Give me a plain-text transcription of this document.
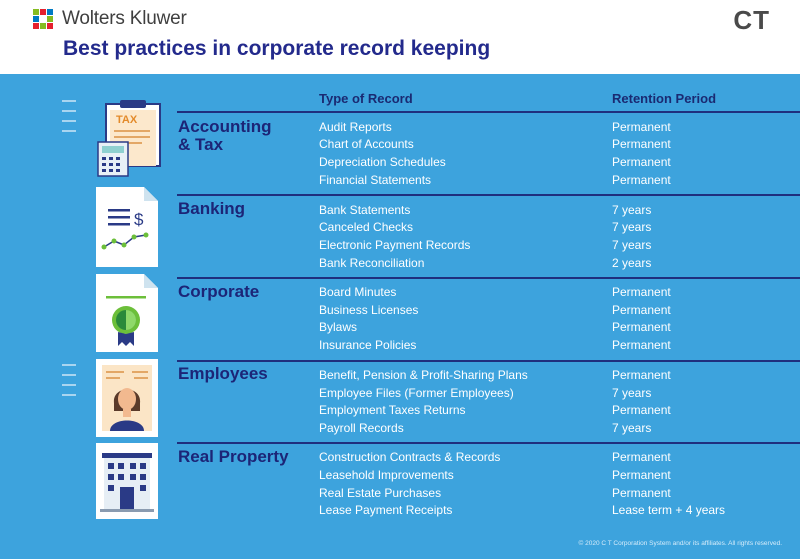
Wolters Kluwer	CT
Best practices in corporate record keeping
Type of Record	Retention Period
Accounting
& Tax
Audit Reports	Permanent
Chart of Accounts	Permanent
Depreciation Schedules	Permanent
Financial Statements	Permanent
Banking	Bank Statements	7 years
Canceled Checks	7 years
Electronic Payment Records	7 years
Bank Reconciliation	2 years
Corporate	Board Minutes	Permanent
Business Licenses	Permanent
Bylaws	Permanent
Insurance Policies	Permanent
Employees	Benefit, Pension & Profit-Sharing Plans	Permanent
Employee Files (Former Employees)	7 years
Employment Taxes Returns	Permanent
Payroll Records	7 years
Real Property	Construction Contracts & Records	Permanent
Leasehold Improvements	Permanent
Real Estate Purchases	Permanent
Lease Payment Receipts	Lease term + 4 years
TAX
$
© 2020 C T Corporation System and/or its affiliates. All rights reserved.
